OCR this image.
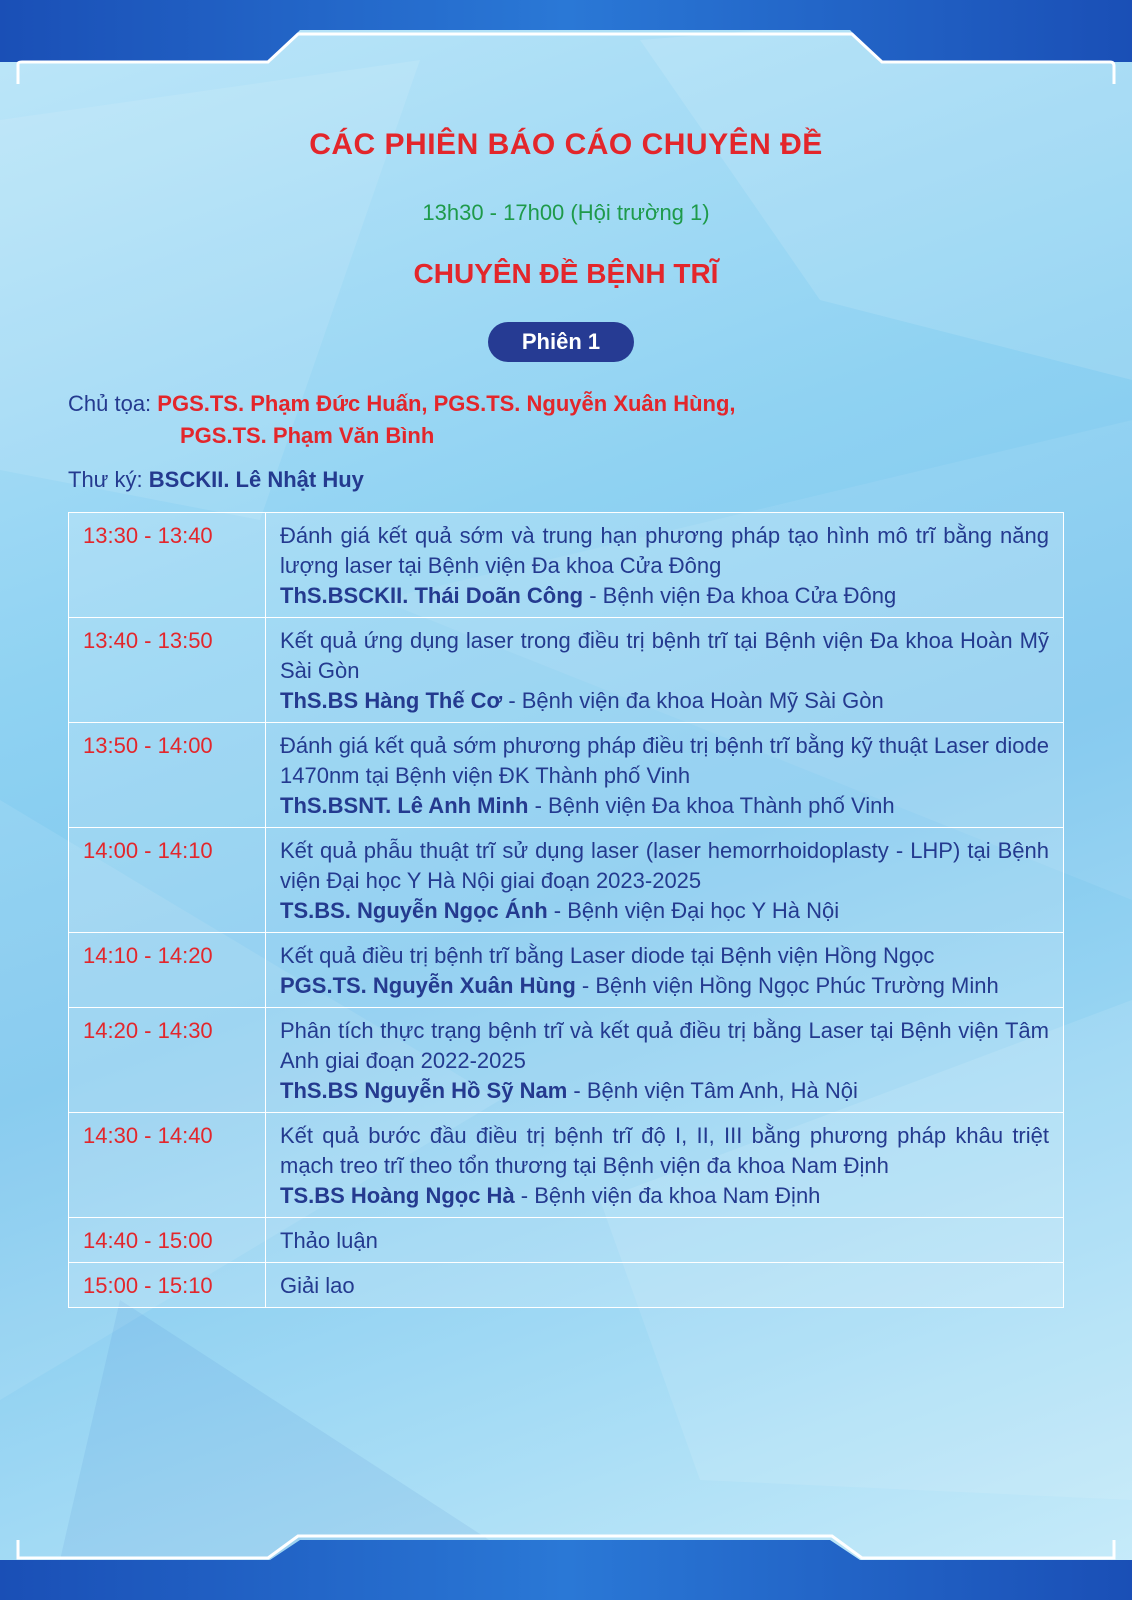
CÁC PHIÊN BÁO CÁO CHUYÊN ĐỀ
13h30 - 17h00 (Hội trường 1)
CHUYÊN ĐỀ BỆNH TRĨ
Phiên 1
Chủ tọa: PGS.TS. Phạm Đức Huấn, PGS.TS. Nguyễn Xuân Hùng,
PGS.TS. Phạm Văn Bình
Thư ký: BSCKII. Lê Nhật Huy
13:30 - 13:40	Đánh giá kết quả sớm và trung hạn phương pháp tạo hình mô trĩ bằng năng lượng laser tại Bệnh viện Đa khoa Cửa Đông
ThS.BSCKII. Thái Doãn Công - Bệnh viện Đa khoa Cửa Đông
13:40 - 13:50	Kết quả ứng dụng laser trong điều trị bệnh trĩ tại Bệnh viện Đa khoa Hoàn Mỹ Sài Gòn
ThS.BS Hàng Thế Cơ - Bệnh viện đa khoa Hoàn Mỹ Sài Gòn
13:50 - 14:00	Đánh giá kết quả sớm phương pháp điều trị bệnh trĩ bằng kỹ thuật Laser diode 1470nm tại Bệnh viện ĐK Thành phố Vinh
ThS.BSNT. Lê Anh Minh - Bệnh viện Đa khoa Thành phố Vinh
14:00 - 14:10	Kết quả phẫu thuật trĩ sử dụng laser (laser hemorrhoidoplasty - LHP) tại Bệnh viện Đại học Y Hà Nội giai đoạn 2023-2025
TS.BS. Nguyễn Ngọc Ánh - Bệnh viện Đại học Y Hà Nội
14:10 - 14:20	Kết quả điều trị bệnh trĩ bằng Laser diode tại Bệnh viện Hồng Ngọc
PGS.TS. Nguyễn Xuân Hùng - Bệnh viện Hồng Ngọc Phúc Trường Minh
14:20 - 14:30	Phân tích thực trạng bệnh trĩ và kết quả điều trị bằng Laser tại Bệnh viện Tâm Anh giai đoạn 2022-2025
ThS.BS Nguyễn Hồ Sỹ Nam - Bệnh viện Tâm Anh, Hà Nội
14:30 - 14:40	Kết quả bước đầu điều trị bệnh trĩ độ I, II, III bằng phương pháp khâu triệt mạch treo trĩ theo tổn thương tại Bệnh viện đa khoa Nam Định
TS.BS Hoàng Ngọc Hà - Bệnh viện đa khoa Nam Định
14:40 - 15:00	Thảo luận

15:00 - 15:10	Giải lao
